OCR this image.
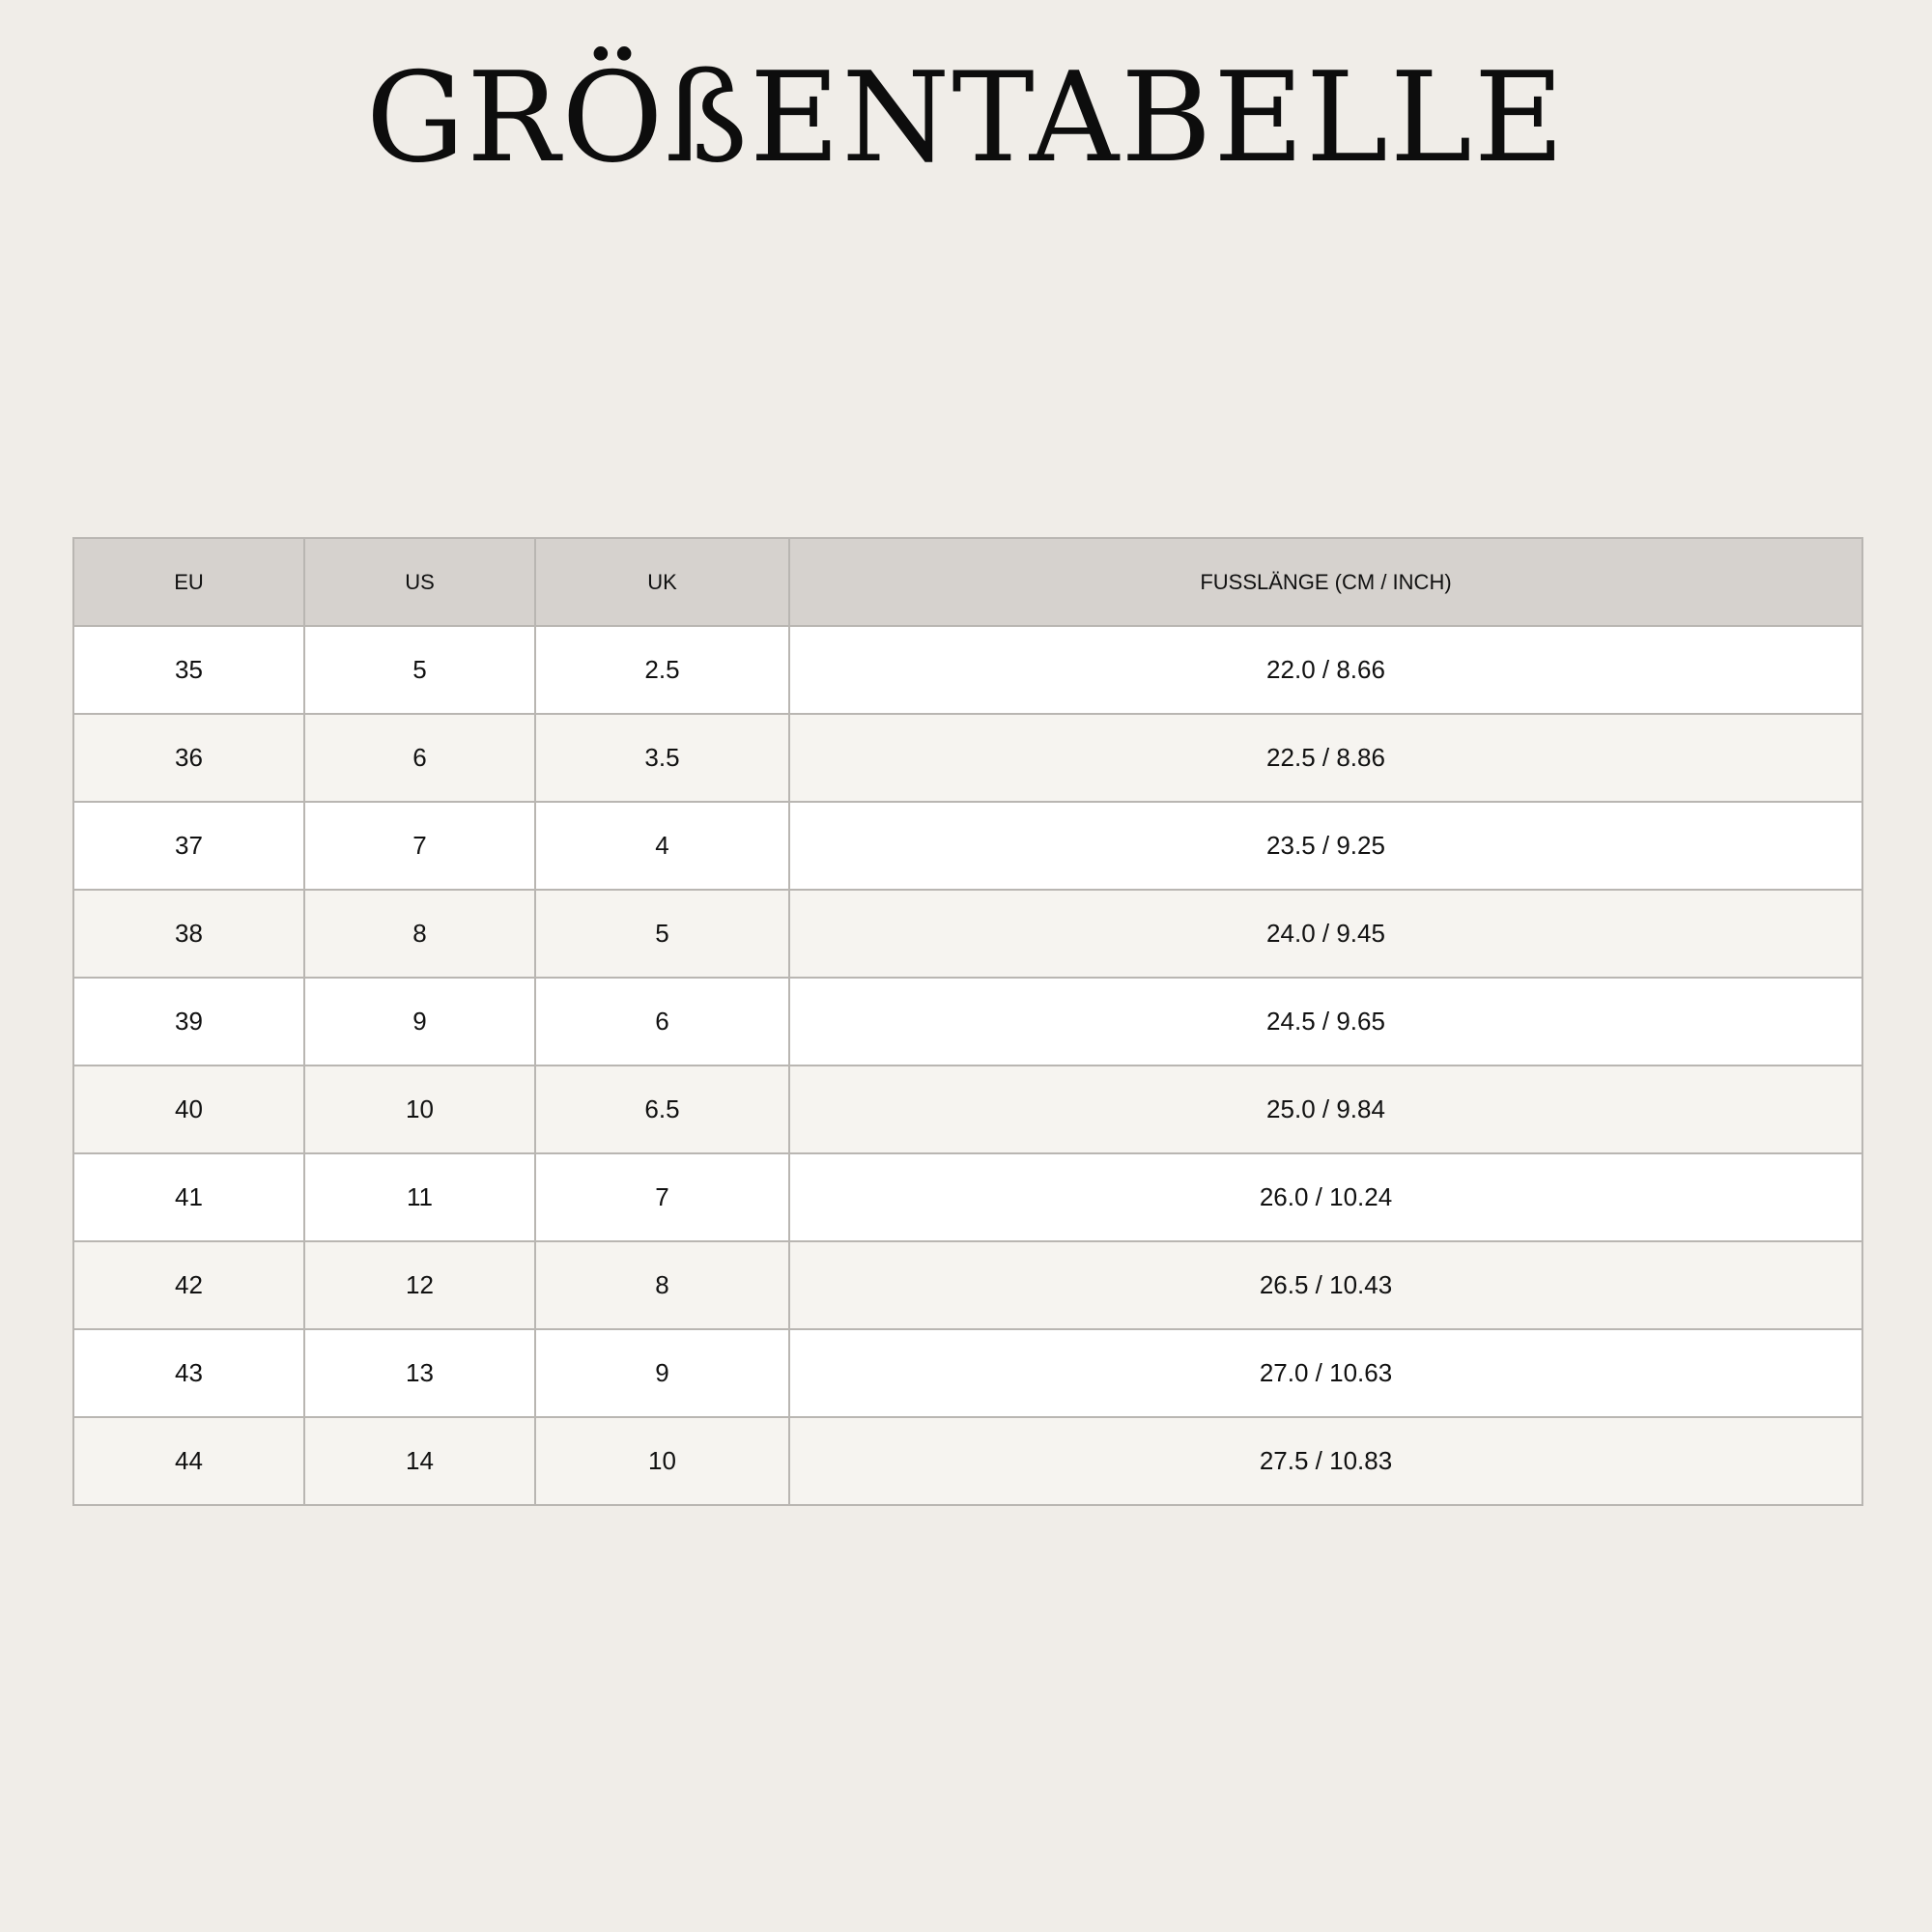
GRÖßENTABELLE
EU	US	UK	FUSSLÄNGE (CM / INCH)
35	5	2.5	22.0 / 8.66
36	6	3.5	22.5 / 8.86
37	7	4	23.5 / 9.25
38	8	5	24.0 / 9.45
39	9	6	24.5 / 9.65
40	10	6.5	25.0 / 9.84
41	11	7	26.0 / 10.24
42	12	8	26.5 / 10.43
43	13	9	27.0 / 10.63
44	14	10	27.5 / 10.83
